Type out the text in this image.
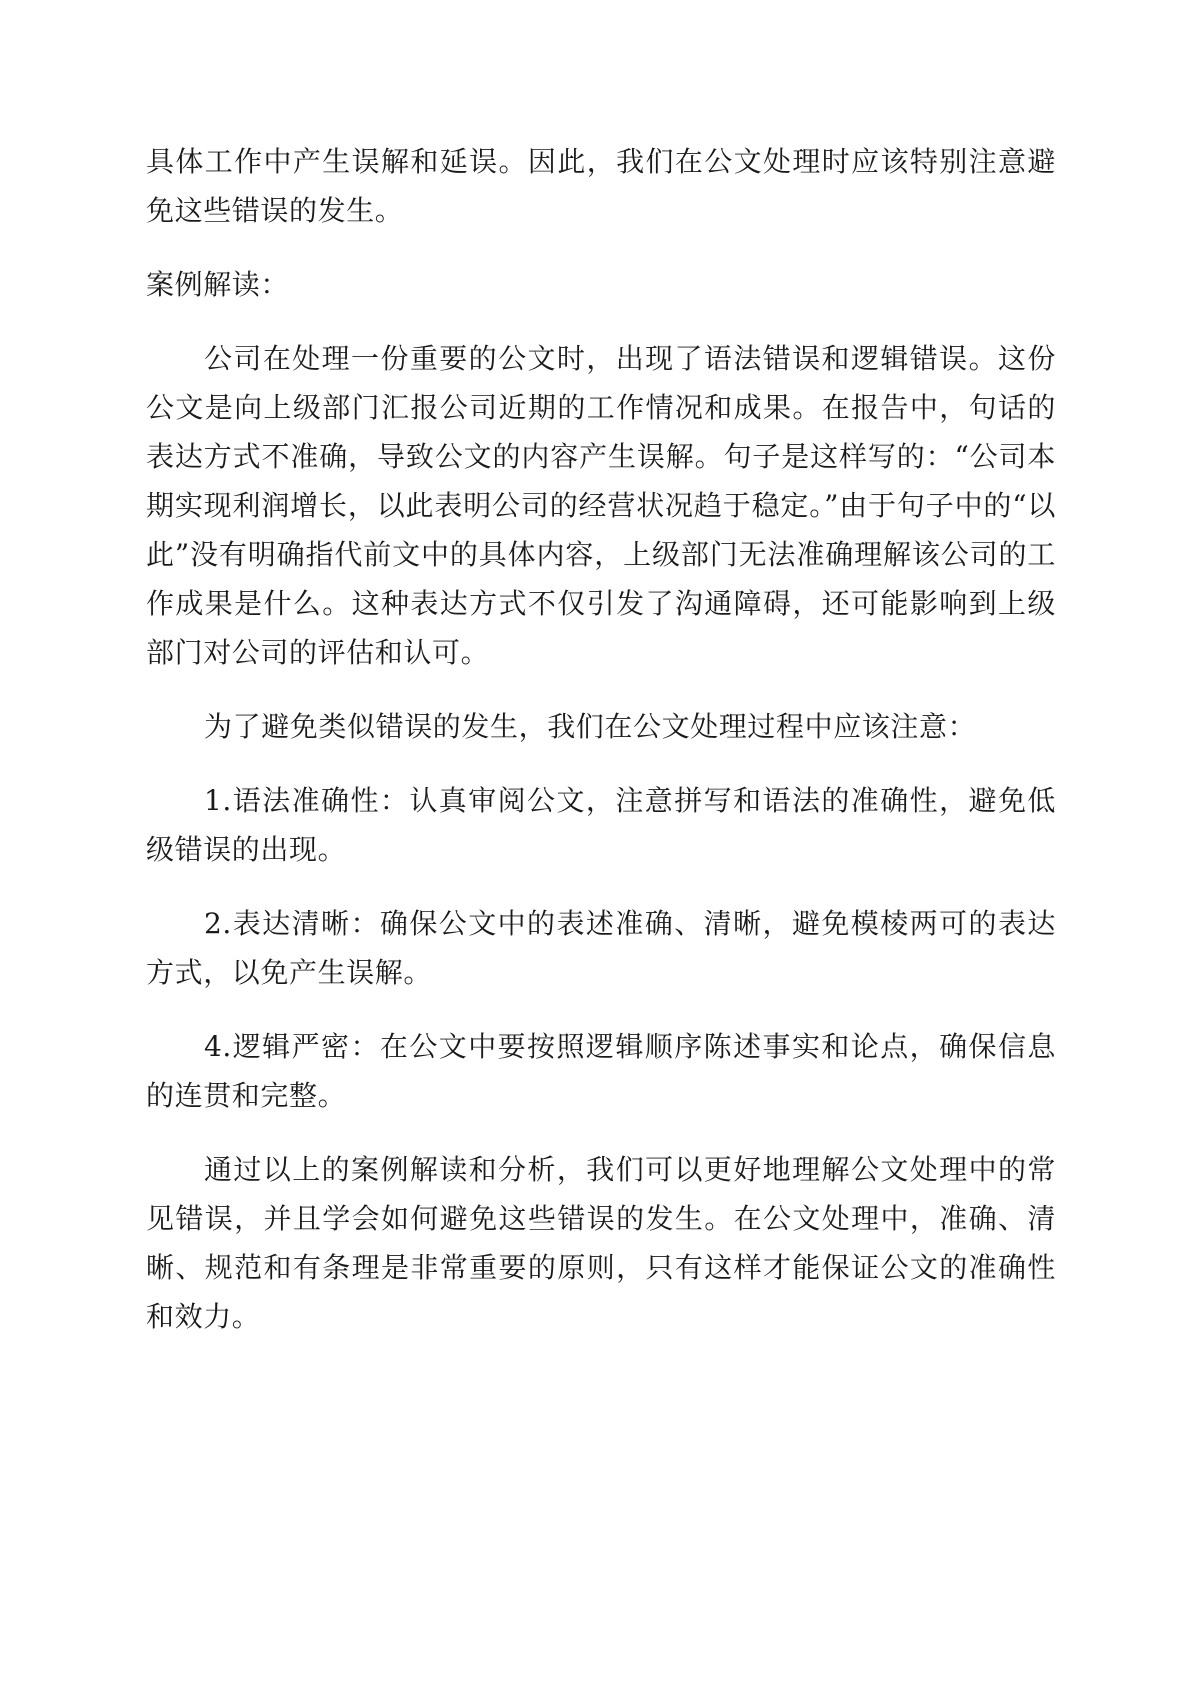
具体工作中产生误解和延误。因此，我们在公文处理时应该特别注意避免这些错误的发生。

案例解读：

公司在处理一份重要的公文时，出现了语法错误和逻辑错误。这份公文是向上级部门汇报公司近期的工作情况和成果。在报告中，句话的表达方式不准确，导致公文的内容产生误解。句子是这样写的：“公司本期实现利润增长，以此表明公司的经营状况趋于稳定。”由于句子中的“以此”没有明确指代前文中的具体内容，上级部门无法准确理解该公司的工作成果是什么。这种表达方式不仅引发了沟通障碍，还可能影响到上级部门对公司的评估和认可。

为了避免类似错误的发生，我们在公文处理过程中应该注意：

1.语法准确性：认真审阅公文，注意拼写和语法的准确性，避免低级错误的出现。

2.表达清晰：确保公文中的表述准确、清晰，避免模棱两可的表达方式，以免产生误解。

4.逻辑严密：在公文中要按照逻辑顺序陈述事实和论点，确保信息的连贯和完整。

通过以上的案例解读和分析，我们可以更好地理解公文处理中的常见错误，并且学会如何避免这些错误的发生。在公文处理中，准确、清晰、规范和有条理是非常重要的原则，只有这样才能保证公文的准确性和效力。
